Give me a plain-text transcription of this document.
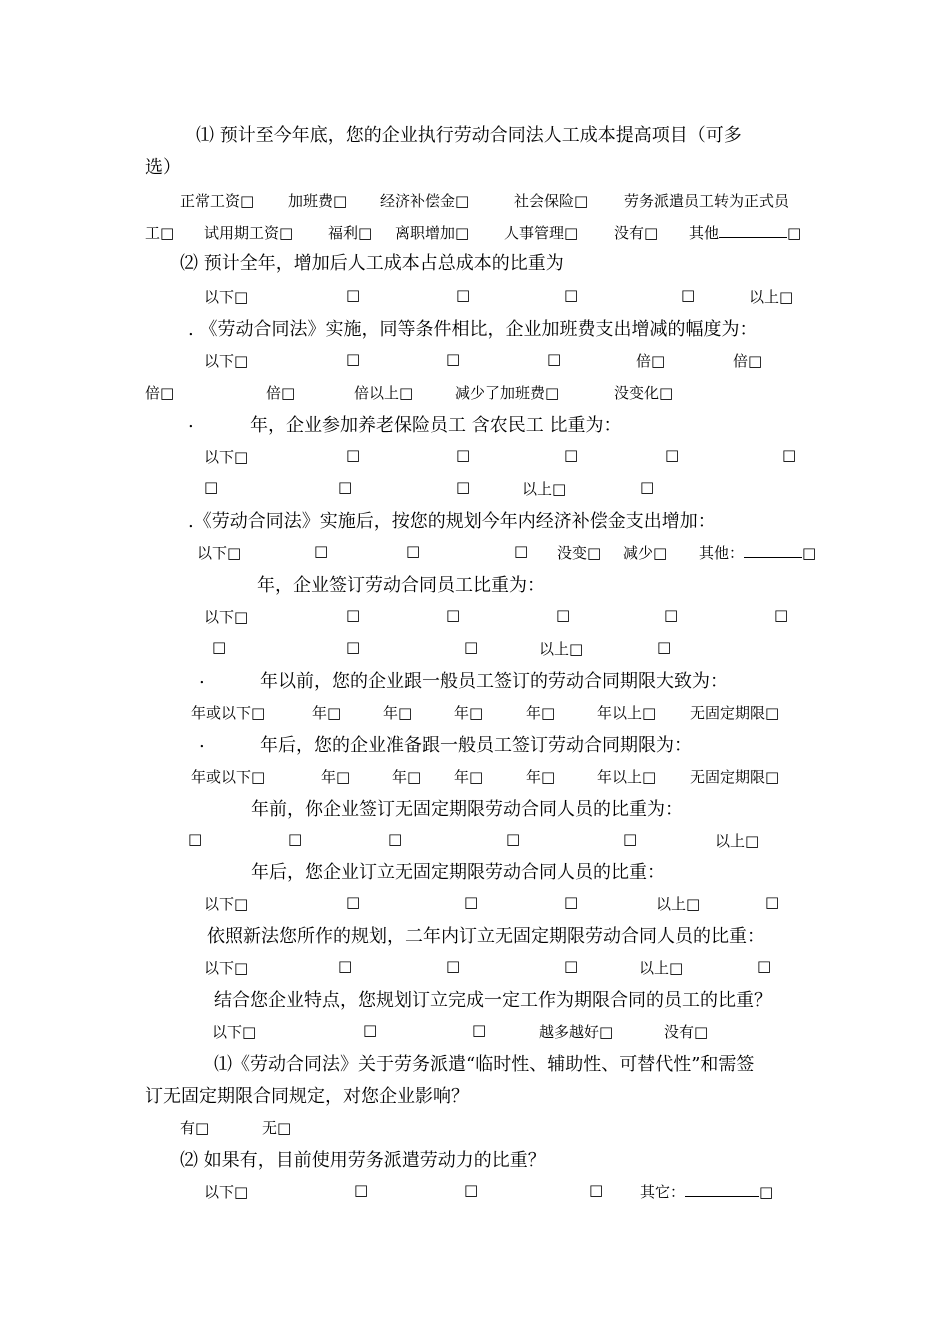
⑴ 预计至今年底，您的企业执行劳动合同法人工成本提高项目（可多
选）
正常工资□ 加班费□ 经济补偿金□	社会保险□ 劳务派遣员工转为正式员
工□ 试用期工资□ 福利□ 离职增加□ 人事管理□ 没有□ 其他	□
⑵ 预计全年，增加后人工成本占总成本的比重为
以下□	□	□	□	□	以上□
. 《劳动合同法》实施，同等条件相比，企业加班费支出增减的幅度为：
以下□	□	□	□	倍□	倍□
倍□	倍□	倍以上□	减少了加班费□	没变化□
.	年，企业参加养老保险员工 含农民工 比重为：
以下□	□	□	□	□	□
□	□	□	以上□	□
.《劳动合同法》实施后，按您的规划今年内经济补偿金支出增加：
以下□	□	□	□ 没变□ 减少□ 其他：	□
年，企业签订劳动合同员工比重为：
以下□	□	□	□	□	□
□	□	□	以上□	□
.	年以前，您的企业跟一般员工签订的劳动合同期限大致为：
年或以下□	年□	年□	年□	年□	年以上□ 无固定期限□
.	年后，您的企业准备跟一般员工签订劳动合同期限为：
年或以下□	年□	年□ 年□	年□	年以上□ 无固定期限□
年前，你企业签订无固定期限劳动合同人员的比重为：
□	□	□	□	□	以上□
年后，您企业订立无固定期限劳动合同人员的比重：
以下□	□	□	□	以上□	□
依照新法您所作的规划，二年内订立无固定期限劳动合同人员的比重：
以下□	□	□	□	以上□	□
结合您企业特点，您规划订立完成一定工作为期限合同的员工的比重？
以下□	□	□	越多越好□	没有□
⑴《劳动合同法》关于劳务派遣“临时性、辅助性、可替代性”和需签
订无固定期限合同规定，对您企业影响？
有□	无□
⑵ 如果有，目前使用劳务派遣劳动力的比重？
以下□	□	□	□ 其它：	□
